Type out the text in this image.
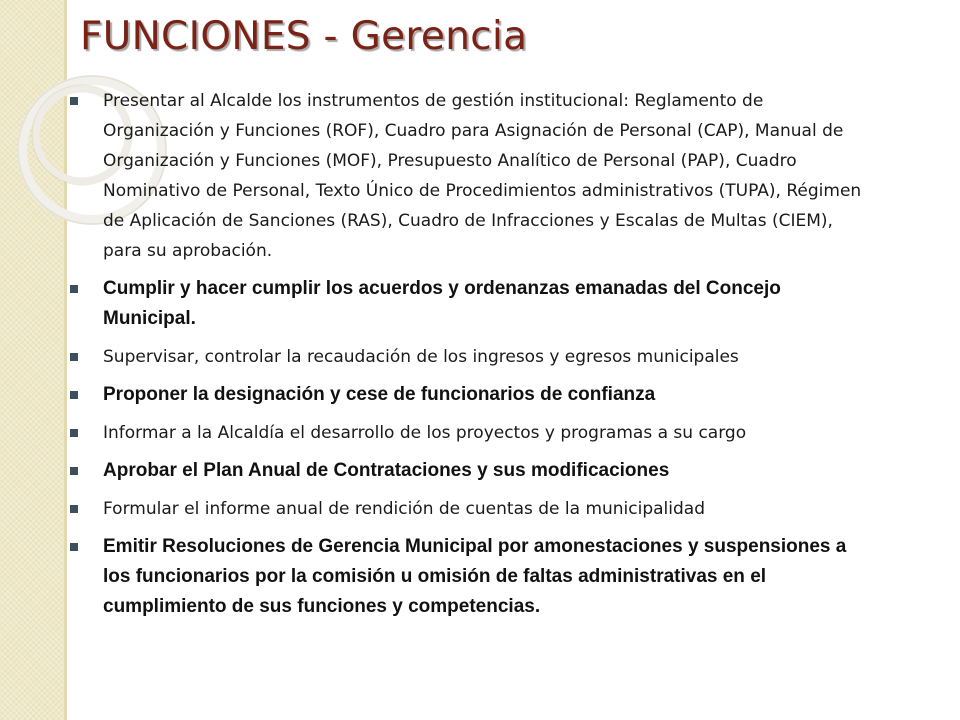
FUNCIONES - Gerencia
Presentar al Alcalde los instrumentos de gestión institucional: Reglamento de Organización y Funciones (ROF), Cuadro para Asignación de Personal (CAP), Manual de Organización y Funciones (MOF), Presupuesto Analítico de Personal (PAP), Cuadro Nominativo de Personal, Texto Único de Procedimientos administrativos (TUPA), Régimen de Aplicación de Sanciones (RAS), Cuadro de Infracciones y Escalas de Multas (CIEM), para su aprobación.
Cumplir y hacer cumplir los acuerdos y ordenanzas emanadas del Concejo Municipal.
Supervisar, controlar la recaudación de los ingresos y egresos municipales
Proponer la designación y cese de funcionarios de confianza
Informar a la Alcaldía el desarrollo de los proyectos y programas a su cargo
Aprobar el Plan Anual de Contrataciones y sus modificaciones
Formular el informe anual de rendición de cuentas de la municipalidad
Emitir Resoluciones de Gerencia Municipal por amonestaciones y suspensiones a los funcionarios por la comisión u omisión de faltas administrativas en el cumplimiento de sus funciones y competencias.
